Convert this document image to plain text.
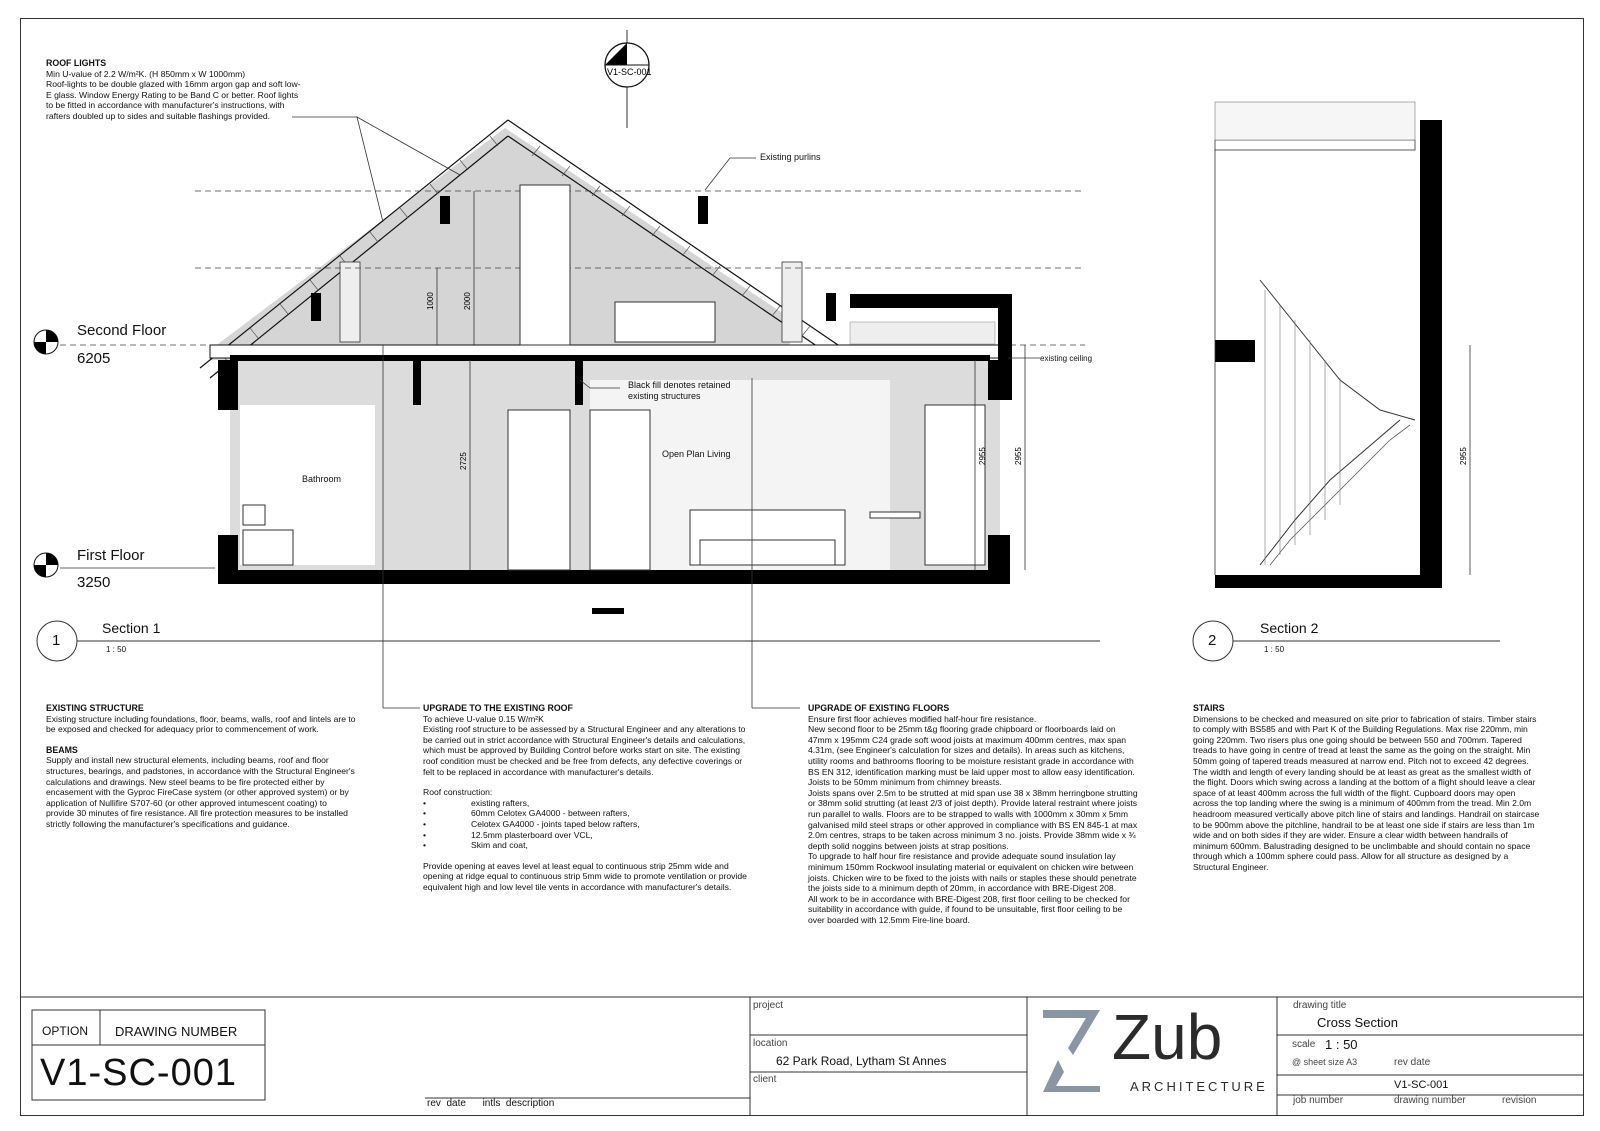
1000	2000
2725	2955	2955
2
V1-SC-001
2955
Existing purlins
Black fill denotes retained
existing structures
existing ceiling
Bathroom
Open Plan Living
Second Floor
6205
First Floor
3250
1
Section 1
1 : 50
2
Section 2
1 : 50
ROOF LIGHTS
Min U-value of 2.2 W/m²K. (H 850mm x W 1000mm)
Roof-lights to be double glazed with 16mm argon gap and soft low-
E glass. Window Energy Rating to be Band C or better. Roof lights
to be fitted in accordance with manufacturer's instructions, with
rafters doubled up to sides and suitable flashings provided.
EXISTING STRUCTURE
Existing structure including foundations, floor, beams, walls, roof and lintels are to be exposed and checked for adequacy prior to commencement of work.
BEAMS
Supply and install new structural elements, including beams, roof and floor structures, bearings, and padstones, in accordance with the Structural Engineer's calculations and drawings. New steel beams to be fire protected either by encasement with the Gyproc FireCase system (or other approved system) or by application of Nullifire S707-60 (or other approved intumescent coating) to provide 30 minutes of fire resistance. All fire protection measures to be installed strictly following the manufacturer's specifications and guidance.
UPGRADE TO THE EXISTING ROOF
To achieve U-value 0.15 W/m²K
Existing roof structure to be assessed by a Structural Engineer and any alterations to be carried out in strict accordance with Structural Engineer's details and calculations, which must be approved by Building Control before works start on site. The existing roof condition must be checked and be free from defects, any defective coverings or felt to be replaced in accordance with manufacturer's details.
Roof construction:
• existing rafters,
• 60mm Celotex GA4000 - between rafters,
• Celotex GA4000 - joints taped below rafters,
• 12.5mm plasterboard over VCL,
• Skim and coat,
Provide opening at eaves level at least equal to continuous strip 25mm wide and opening at ridge equal to continuous strip 5mm wide to promote ventilation or provide equivalent high and low level tile vents in accordance with manufacturer's details.
UPGRADE OF EXISTING FLOORS
Ensure first floor achieves modified half-hour fire resistance.
New second floor to be 25mm t&g flooring grade chipboard or floorboards laid on 47mm x 195mm C24 grade soft wood joists at maximum 400mm centres, max span 4.31m, (see Engineer's calculation for sizes and details). In areas such as kitchens, utility rooms and bathrooms flooring to be moisture resistant grade in accordance with BS EN 312, identification marking must be laid upper most to allow easy identification. Joists to be 50mm minimum from chimney breasts.
Joists spans over 2.5m to be strutted at mid span use 38 x 38mm herringbone strutting or 38mm solid strutting (at least 2/3 of joist depth). Provide lateral restraint where joists run parallel to walls. Floors are to be strapped to walls with 1000mm x 30mm x 5mm galvanised mild steel straps or other approved in compliance with BS EN 845-1 at max 2.0m centres, straps to be taken across minimum 3 no. joists. Provide 38mm wide x ¾ depth solid noggins between joists at strap positions.
To upgrade to half hour fire resistance and provide adequate sound insulation lay minimum 150mm Rockwool insulating material or equivalent on chicken wire between joists. Chicken wire to be fixed to the joists with nails or staples these should penetrate the joists side to a minimum depth of 20mm, in accordance with BRE-Digest 208.
All work to be in accordance with BRE-Digest 208, first floor ceiling to be checked for suitability in accordance with guide, if found to be unsuitable, first floor ceiling to be over boarded with 12.5mm Fire-line board.
STAIRS
Dimensions to be checked and measured on site prior to fabrication of stairs. Timber stairs to comply with BS585 and with Part K of the Building Regulations. Max rise 220mm, min going 220mm. Two risers plus one going should be between 550 and 700mm. Tapered treads to have going in centre of tread at least the same as the going on the straight. Min 50mm going of tapered treads measured at narrow end. Pitch not to exceed 42 degrees. The width and length of every landing should be at least as great as the smallest width of the flight. Doors which swing across a landing at the bottom of a flight should leave a clear space of at least 400mm across the full width of the flight. Cupboard doors may open across the top landing where the swing is a minimum of 400mm from the tread. Min 2.0m headroom measured vertically above pitch line of stairs and landings. Handrail on staircase to be 900mm above the pitchline, handrail to be at least one side if stairs are less than 1m wide and on both sides if they are wider. Ensure a clear width between handrails of minimum 600mm. Balustrading designed to be unclimbable and should contain no space through which a 100mm sphere could pass. Allow for all structure as designed by a Structural Engineer.
OPTION DRAWING NUMBER
V1-SC-001
rev  date      intls  description
project
location
62 Park Road, Lytham St Annes
client
Zub
ARCHITECTURE
drawing title
Cross Section
scale 1 : 50
@ sheet size A3	rev date
V1-SC-001
job number	drawing number	revision
